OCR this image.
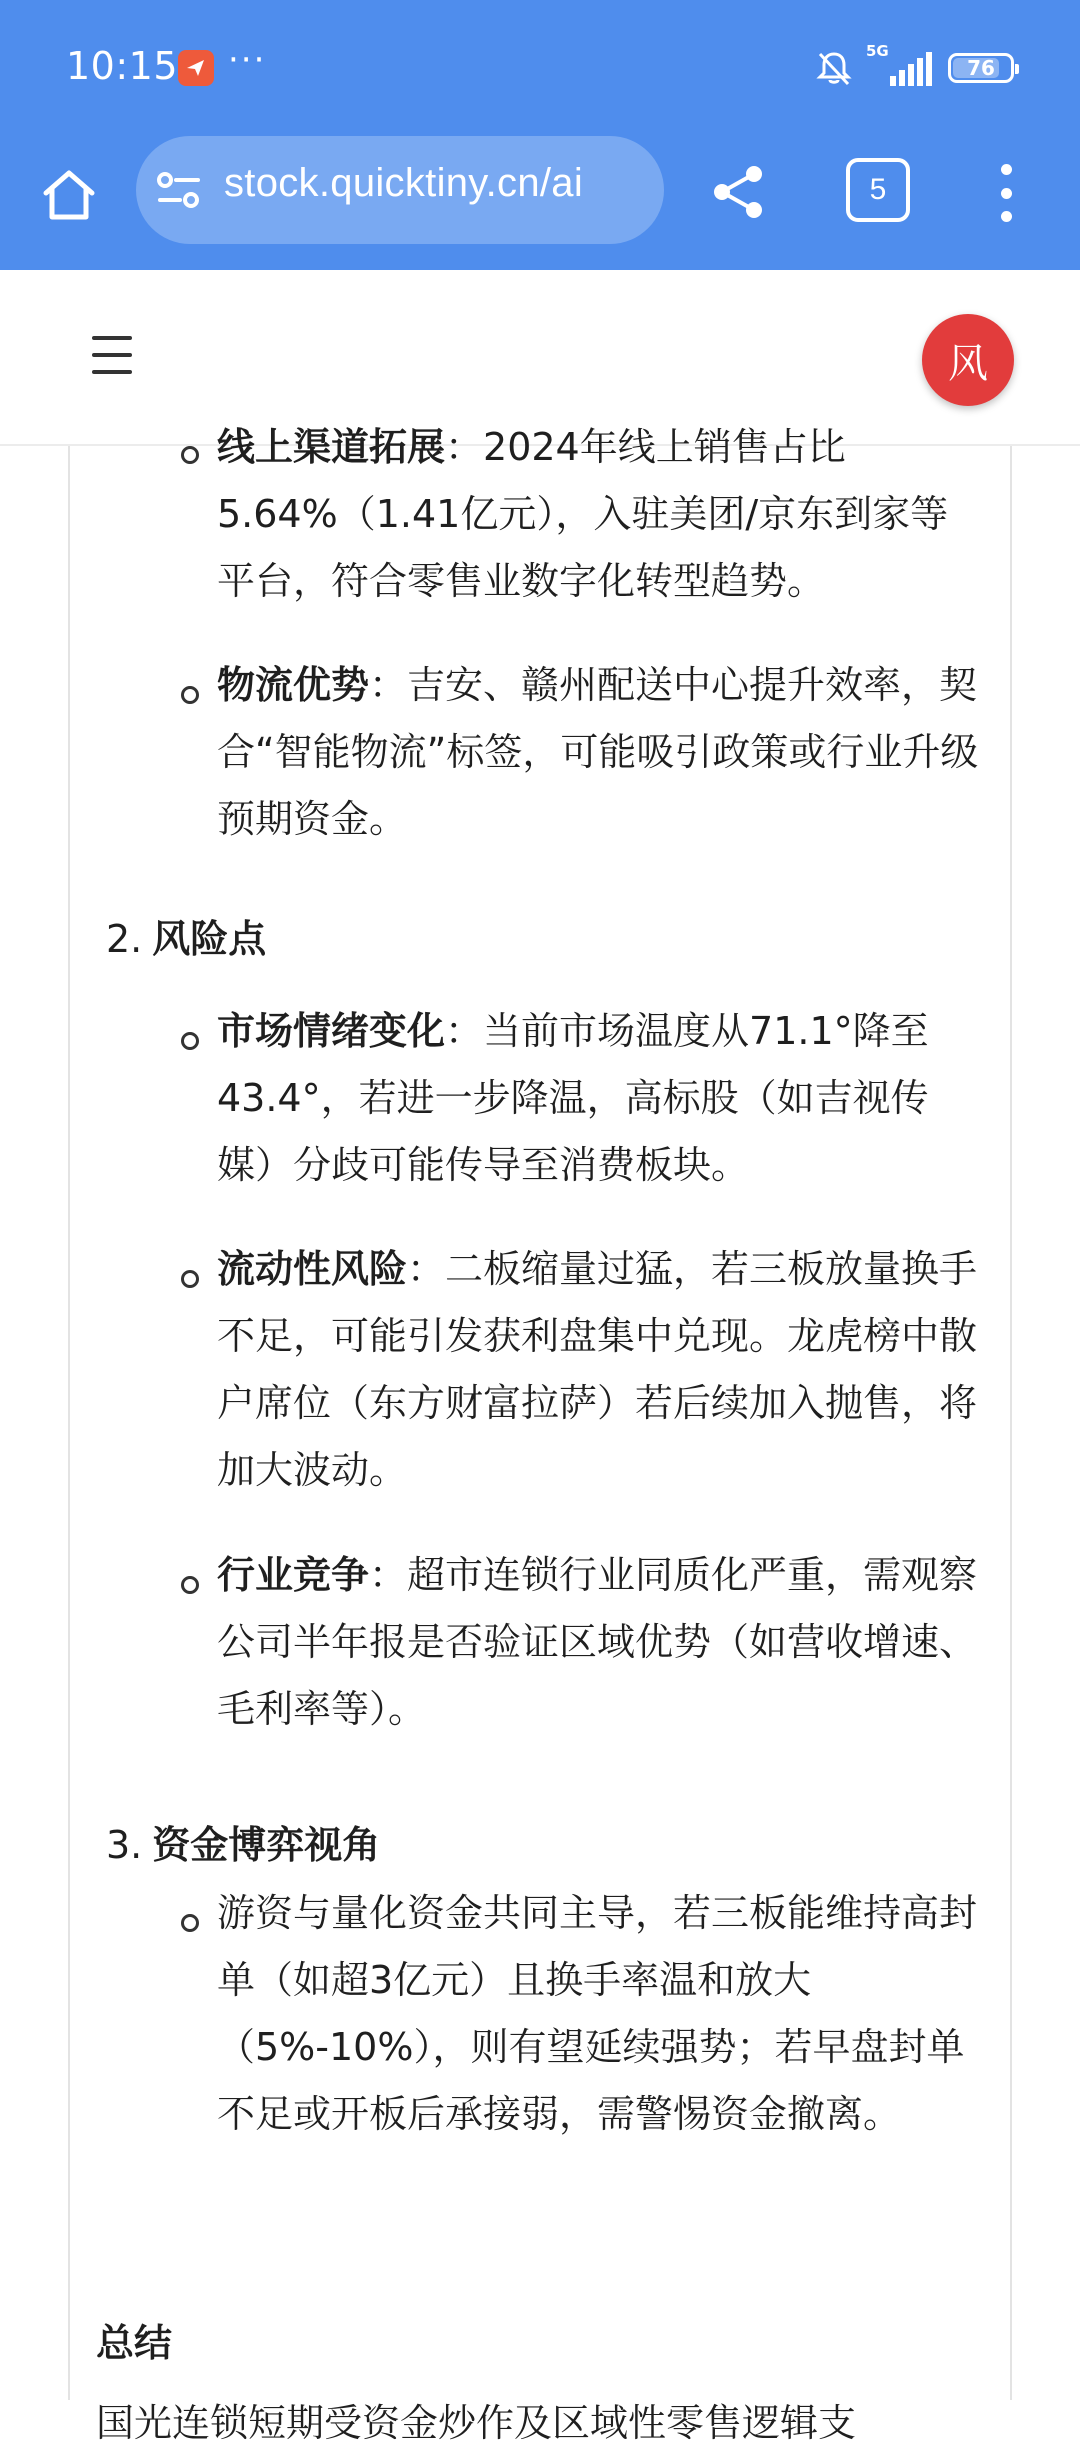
10:15 ···	5G
76
stock.quicktiny.cn/ai	5
风
线上渠道拓展：2024年线上销售占比5.64%（1.41亿元），入驻美团/京东到家等平台，符合零售业数字化转型趋势。
物流优势：吉安、赣州配送中心提升效率，契合“智能物流”标签，可能吸引政策或行业升级预期资金。
2. 风险点
市场情绪变化：当前市场温度从71.1°降至43.4°，若进一步降温，高标股（如吉视传媒）分歧可能传导至消费板块。
流动性风险：二板缩量过猛，若三板放量换手不足，可能引发获利盘集中兑现。龙虎榜中散户席位（东方财富拉萨）若后续加入抛售，将加大波动。
行业竞争：超市连锁行业同质化严重，需观察公司半年报是否验证区域优势（如营收增速、毛利率等）。
3. 资金博弈视角
游资与量化资金共同主导，若三板能维持高封单（如超3亿元）且换手率温和放大（5%-10%），则有望延续强势；若早盘封单不足或开板后承接弱，需警惕资金撤离。
总结
国光连锁短期受资金炒作及区域性零售逻辑支
